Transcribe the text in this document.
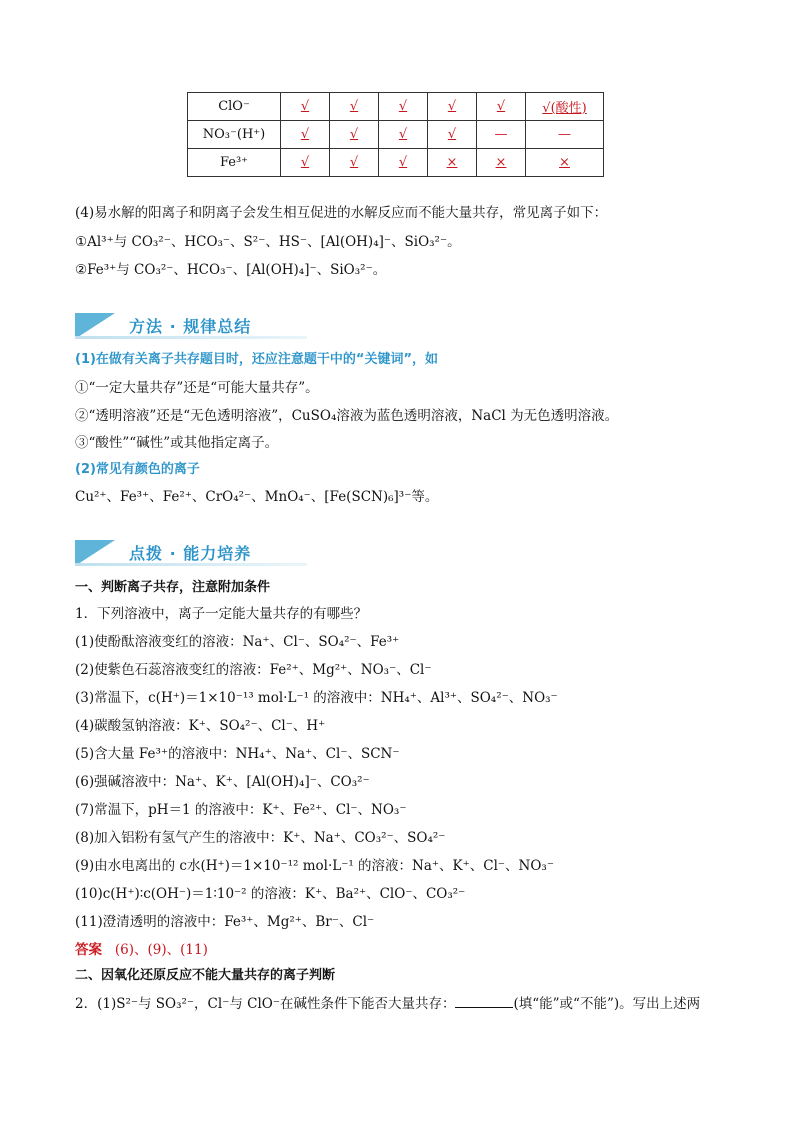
ClO⁻	√	√	√	√	√	√(酸性)
NO₃⁻(H⁺)	√	√	√	√	—	—
Fe³⁺	√	√	√	×	×	×
(4)易水解的阳离子和阴离子会发生相互促进的水解反应而不能大量共存，常见离子如下：
①Al³⁺与 CO₃²⁻、HCO₃⁻、S²⁻、HS⁻、[Al(OH)₄]⁻、SiO₃²⁻。
②Fe³⁺与 CO₃²⁻、HCO₃⁻、[Al(OH)₄]⁻、SiO₃²⁻。
方法 · 规律总结
(1)在做有关离子共存题目时，还应注意题干中的“关键词”，如
①“一定大量共存”还是“可能大量共存”。
②“透明溶液”还是“无色透明溶液”，CuSO₄溶液为蓝色透明溶液，NaCl 为无色透明溶液。
③“酸性”“碱性”或其他指定离子。
(2)常见有颜色的离子
Cu²⁺、Fe³⁺、Fe²⁺、CrO₄²⁻、MnO₄⁻、[Fe(SCN)₆]³⁻等。
点拨 · 能力培养
一、判断离子共存，注意附加条件
1．下列溶液中，离子一定能大量共存的有哪些？
(1)使酚酞溶液变红的溶液：Na⁺、Cl⁻、SO₄²⁻、Fe³⁺
(2)使紫色石蕊溶液变红的溶液：Fe²⁺、Mg²⁺、NO₃⁻、Cl⁻
(3)常温下，c(H⁺)＝1×10⁻¹³ mol·L⁻¹ 的溶液中：NH₄⁺、Al³⁺、SO₄²⁻、NO₃⁻
(4)碳酸氢钠溶液：K⁺、SO₄²⁻、Cl⁻、H⁺
(5)含大量 Fe³⁺的溶液中：NH₄⁺、Na⁺、Cl⁻、SCN⁻
(6)强碱溶液中：Na⁺、K⁺、[Al(OH)₄]⁻、CO₃²⁻
(7)常温下，pH＝1 的溶液中：K⁺、Fe²⁺、Cl⁻、NO₃⁻
(8)加入铝粉有氢气产生的溶液中：K⁺、Na⁺、CO₃²⁻、SO₄²⁻
(9)由水电离出的 c水(H⁺)＝1×10⁻¹² mol·L⁻¹ 的溶液：Na⁺、K⁺、Cl⁻、NO₃⁻
(10)c(H⁺)∶c(OH⁻)＝1∶10⁻² 的溶液：K⁺、Ba²⁺、ClO⁻、CO₃²⁻
(11)澄清透明的溶液中：Fe³⁺、Mg²⁺、Br⁻、Cl⁻
答案 (6)、(9)、(11)
二、因氧化还原反应不能大量共存的离子判断
2．(1)S²⁻与 SO₃²⁻，Cl⁻与 ClO⁻在碱性条件下能否大量共存：	(填“能”或“不能”)。写出上述两
